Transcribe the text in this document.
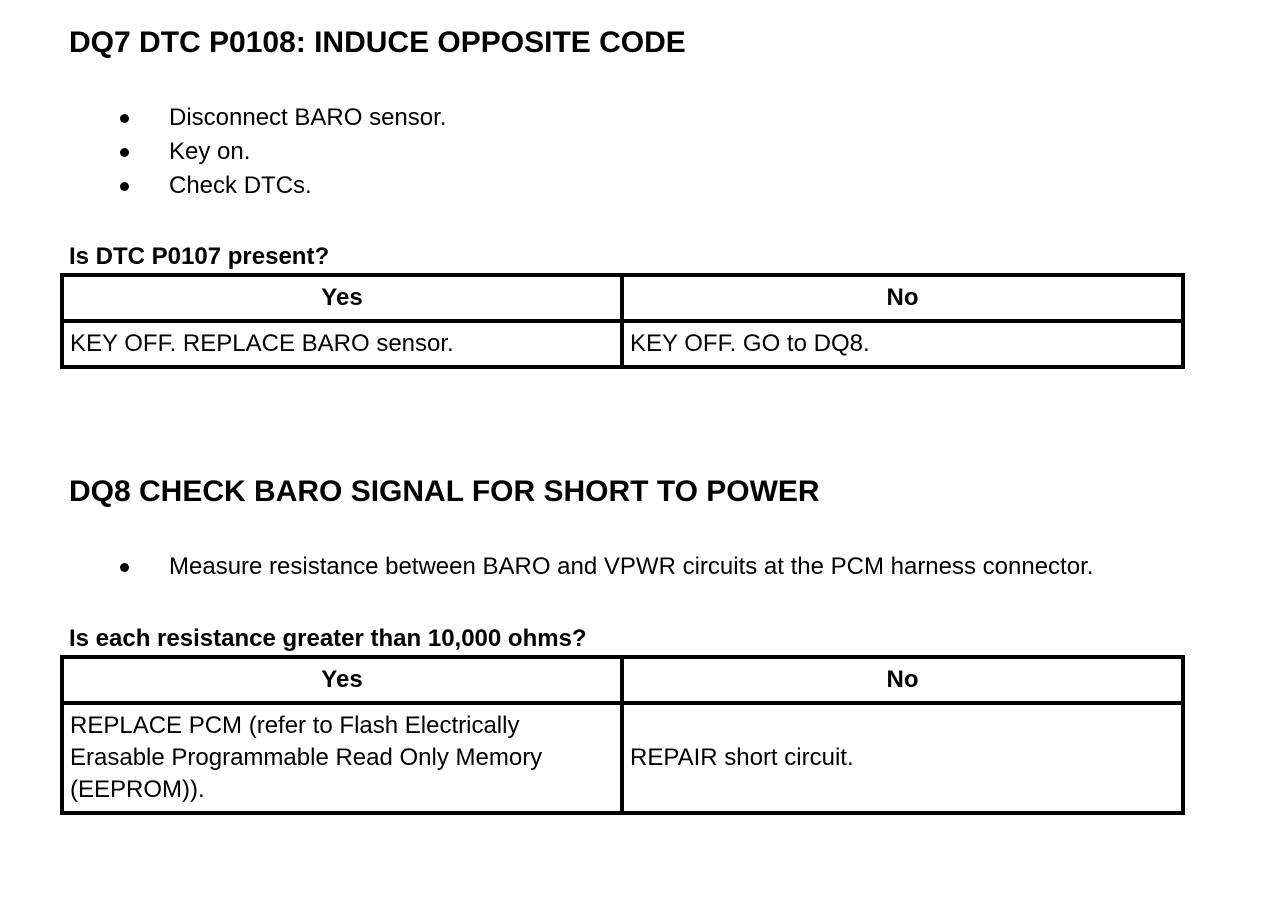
DQ7 DTC P0108: INDUCE OPPOSITE CODE
Disconnect BARO sensor.
Key on.
Check DTCs.

Is DTC P0107 present?

Yes	No
KEY OFF. REPLACE BARO sensor.	KEY OFF. GO to DQ8.
DQ8 CHECK BARO SIGNAL FOR SHORT TO POWER
Measure resistance between BARO and VPWR circuits at the PCM harness connector.

Is each resistance greater than 10,000 ohms?

Yes	No
REPLACE PCM (refer to Flash Electrically Erasable Programmable Read Only Memory (EEPROM)).	REPAIR short circuit.
